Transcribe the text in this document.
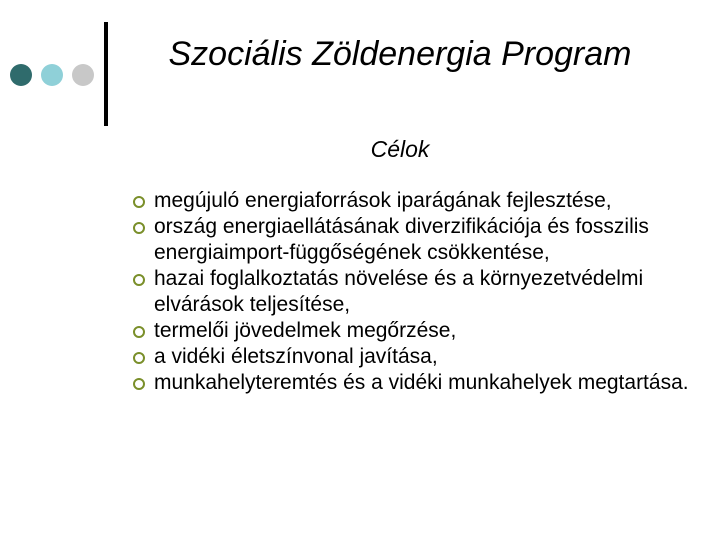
Szociális Zöldenergia Program
Célok
megújuló energiaforrások iparágának fejlesztése,
ország energiaellátásának diverzifikációja és fosszilis energiaimport-függőségének csökkentése,
hazai foglalkoztatás növelése és a környezetvédelmi elvárások teljesítése,
termelői jövedelmek megőrzése,
a vidéki életszínvonal javítása,
munkahelyteremtés és a vidéki munkahelyek megtartása.
